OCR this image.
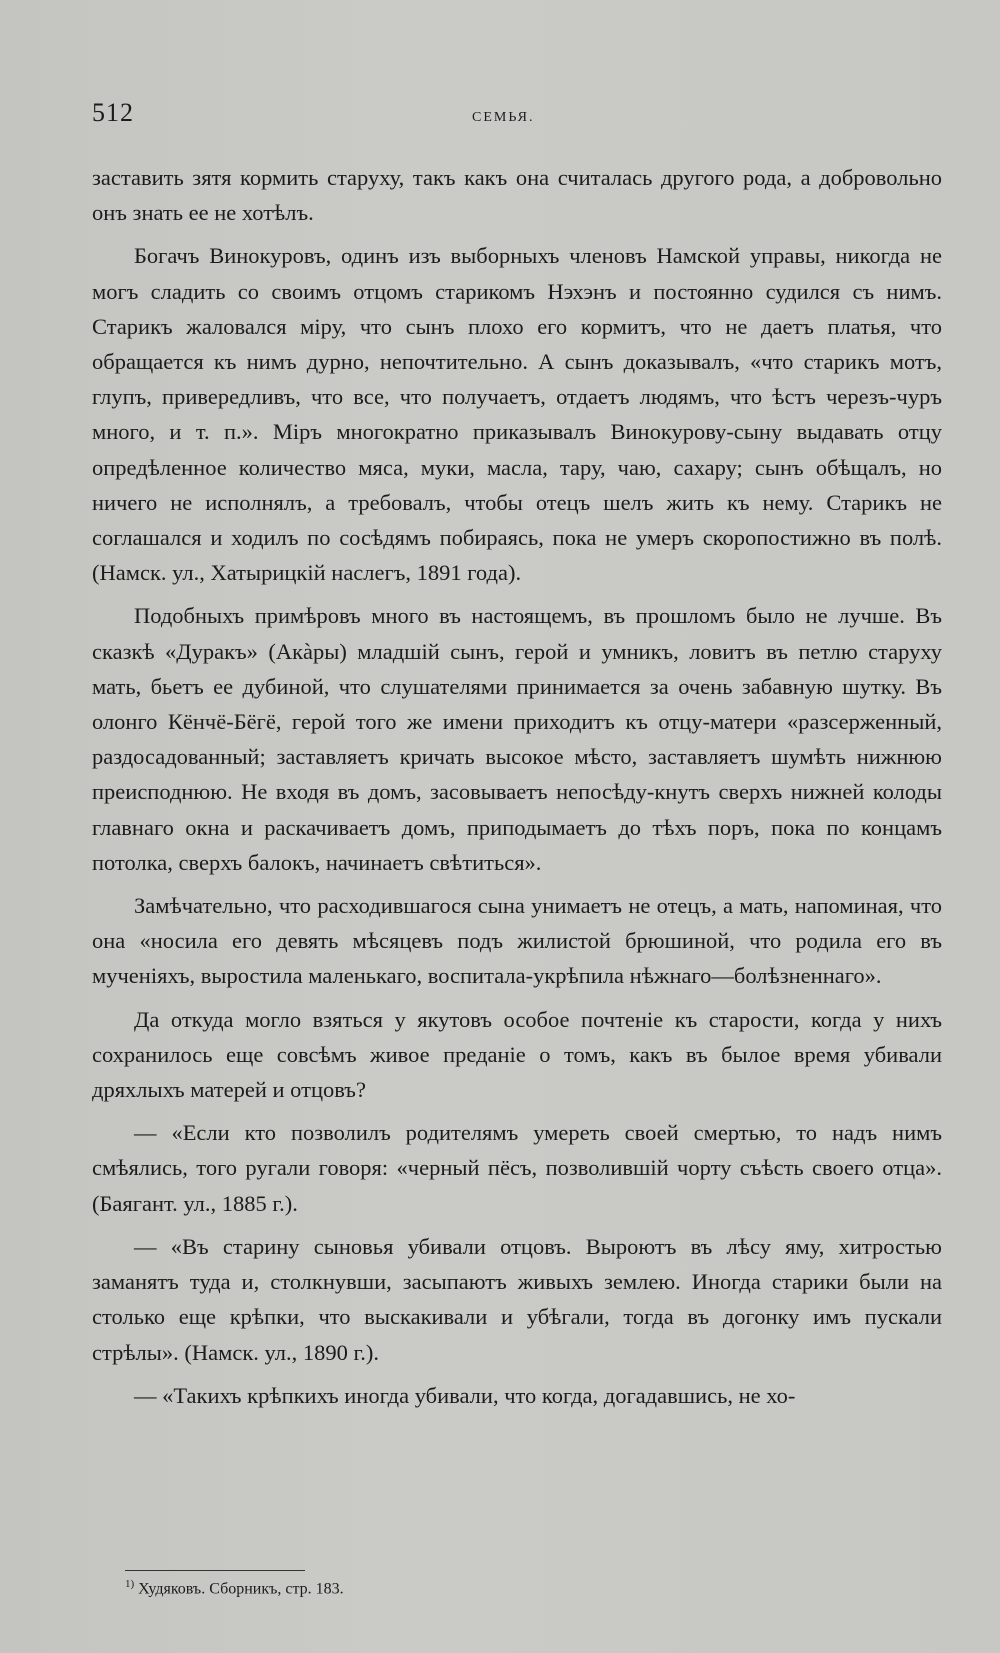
512	СЕМЬЯ.

заставить зятя кормить старуху, такъ какъ она считалась другого рода, а добровольно онъ знать ее не хотѣлъ.

Богачъ Винокуровъ, одинъ изъ выборныхъ членовъ Намской управы, никогда не могъ сладить со своимъ отцомъ старикомъ Нэхэнъ и постоянно судился съ нимъ. Старикъ жаловался міру, что сынъ плохо его кормитъ, что не даетъ платья, что обращается къ нимъ дурно, непочтительно. А сынъ доказывалъ, «что старикъ мотъ, глупъ, привередливъ, что все, что получаетъ, отдаетъ людямъ, что ѣстъ черезъ-чуръ много, и т. п.». Міръ многократно приказывалъ Винокурову-сыну выдавать отцу опредѣленное количество мяса, муки, масла, тару, чаю, сахару; сынъ обѣщалъ, но ничего не исполнялъ, а требовалъ, чтобы отецъ шелъ жить къ нему. Старикъ не соглашался и ходилъ по сосѣдямъ побираясь, пока не умеръ скоропостижно въ полѣ. (Намск. ул., Хатырицкій наслегъ, 1891 года).

Подобныхъ примѣровъ много въ настоящемъ, въ прошломъ было не лучше. Въ сказкѣ «Дуракъ» (Акàры) младшій сынъ, герой и умникъ, ловитъ въ петлю старуху мать, бьетъ ее дубиной, что слушателями принимается за очень забавную шутку. Въ олонго Кёнчё-Бёгё, герой того же имени приходитъ къ отцу-матери «разсерженный, раздосадованный; заставляетъ кричать высокое мѣсто, заставляетъ шумѣть нижнюю преисподнюю. Не входя въ домъ, засовываетъ непосѣду-кнутъ сверхъ нижней колоды главнаго окна и раскачиваетъ домъ, приподымаетъ до тѣхъ поръ, пока по концамъ потолка, сверхъ балокъ, начинаетъ свѣтиться».

Замѣчательно, что расходившагося сына унимаетъ не отецъ, а мать, напоминая, что она «носила его девять мѣсяцевъ подъ жилистой брюшиной, что родила его въ мученіяхъ, выростила маленькаго, воспитала-укрѣпила нѣжнаго—болѣзненнаго».

Да откуда могло взяться у якутовъ особое почтеніе къ старости, когда у нихъ сохранилось еще совсѣмъ живое преданіе о томъ, какъ въ былое время убивали дряхлыхъ матерей и отцовъ?

— «Если кто позволилъ родителямъ умереть своей смертью, то надъ нимъ смѣялись, того ругали говоря: «черный пёсъ, позволившій чорту съѣсть своего отца». (Баягант. ул., 1885 г.).

— «Въ старину сыновья убивали отцовъ. Выроютъ въ лѣсу яму, хитростью заманятъ туда и, столкнувши, засыпаютъ живыхъ землею. Иногда старики были на столько еще крѣпки, что выскакивали и убѣгали, тогда въ догонку имъ пускали стрѣлы». (Намск. ул., 1890 г.).

— «Такихъ крѣпкихъ иногда убивали, что когда, догадавшись, не хо-

$^{1)}$ Худяковъ. Сборникъ, стр. 183.
